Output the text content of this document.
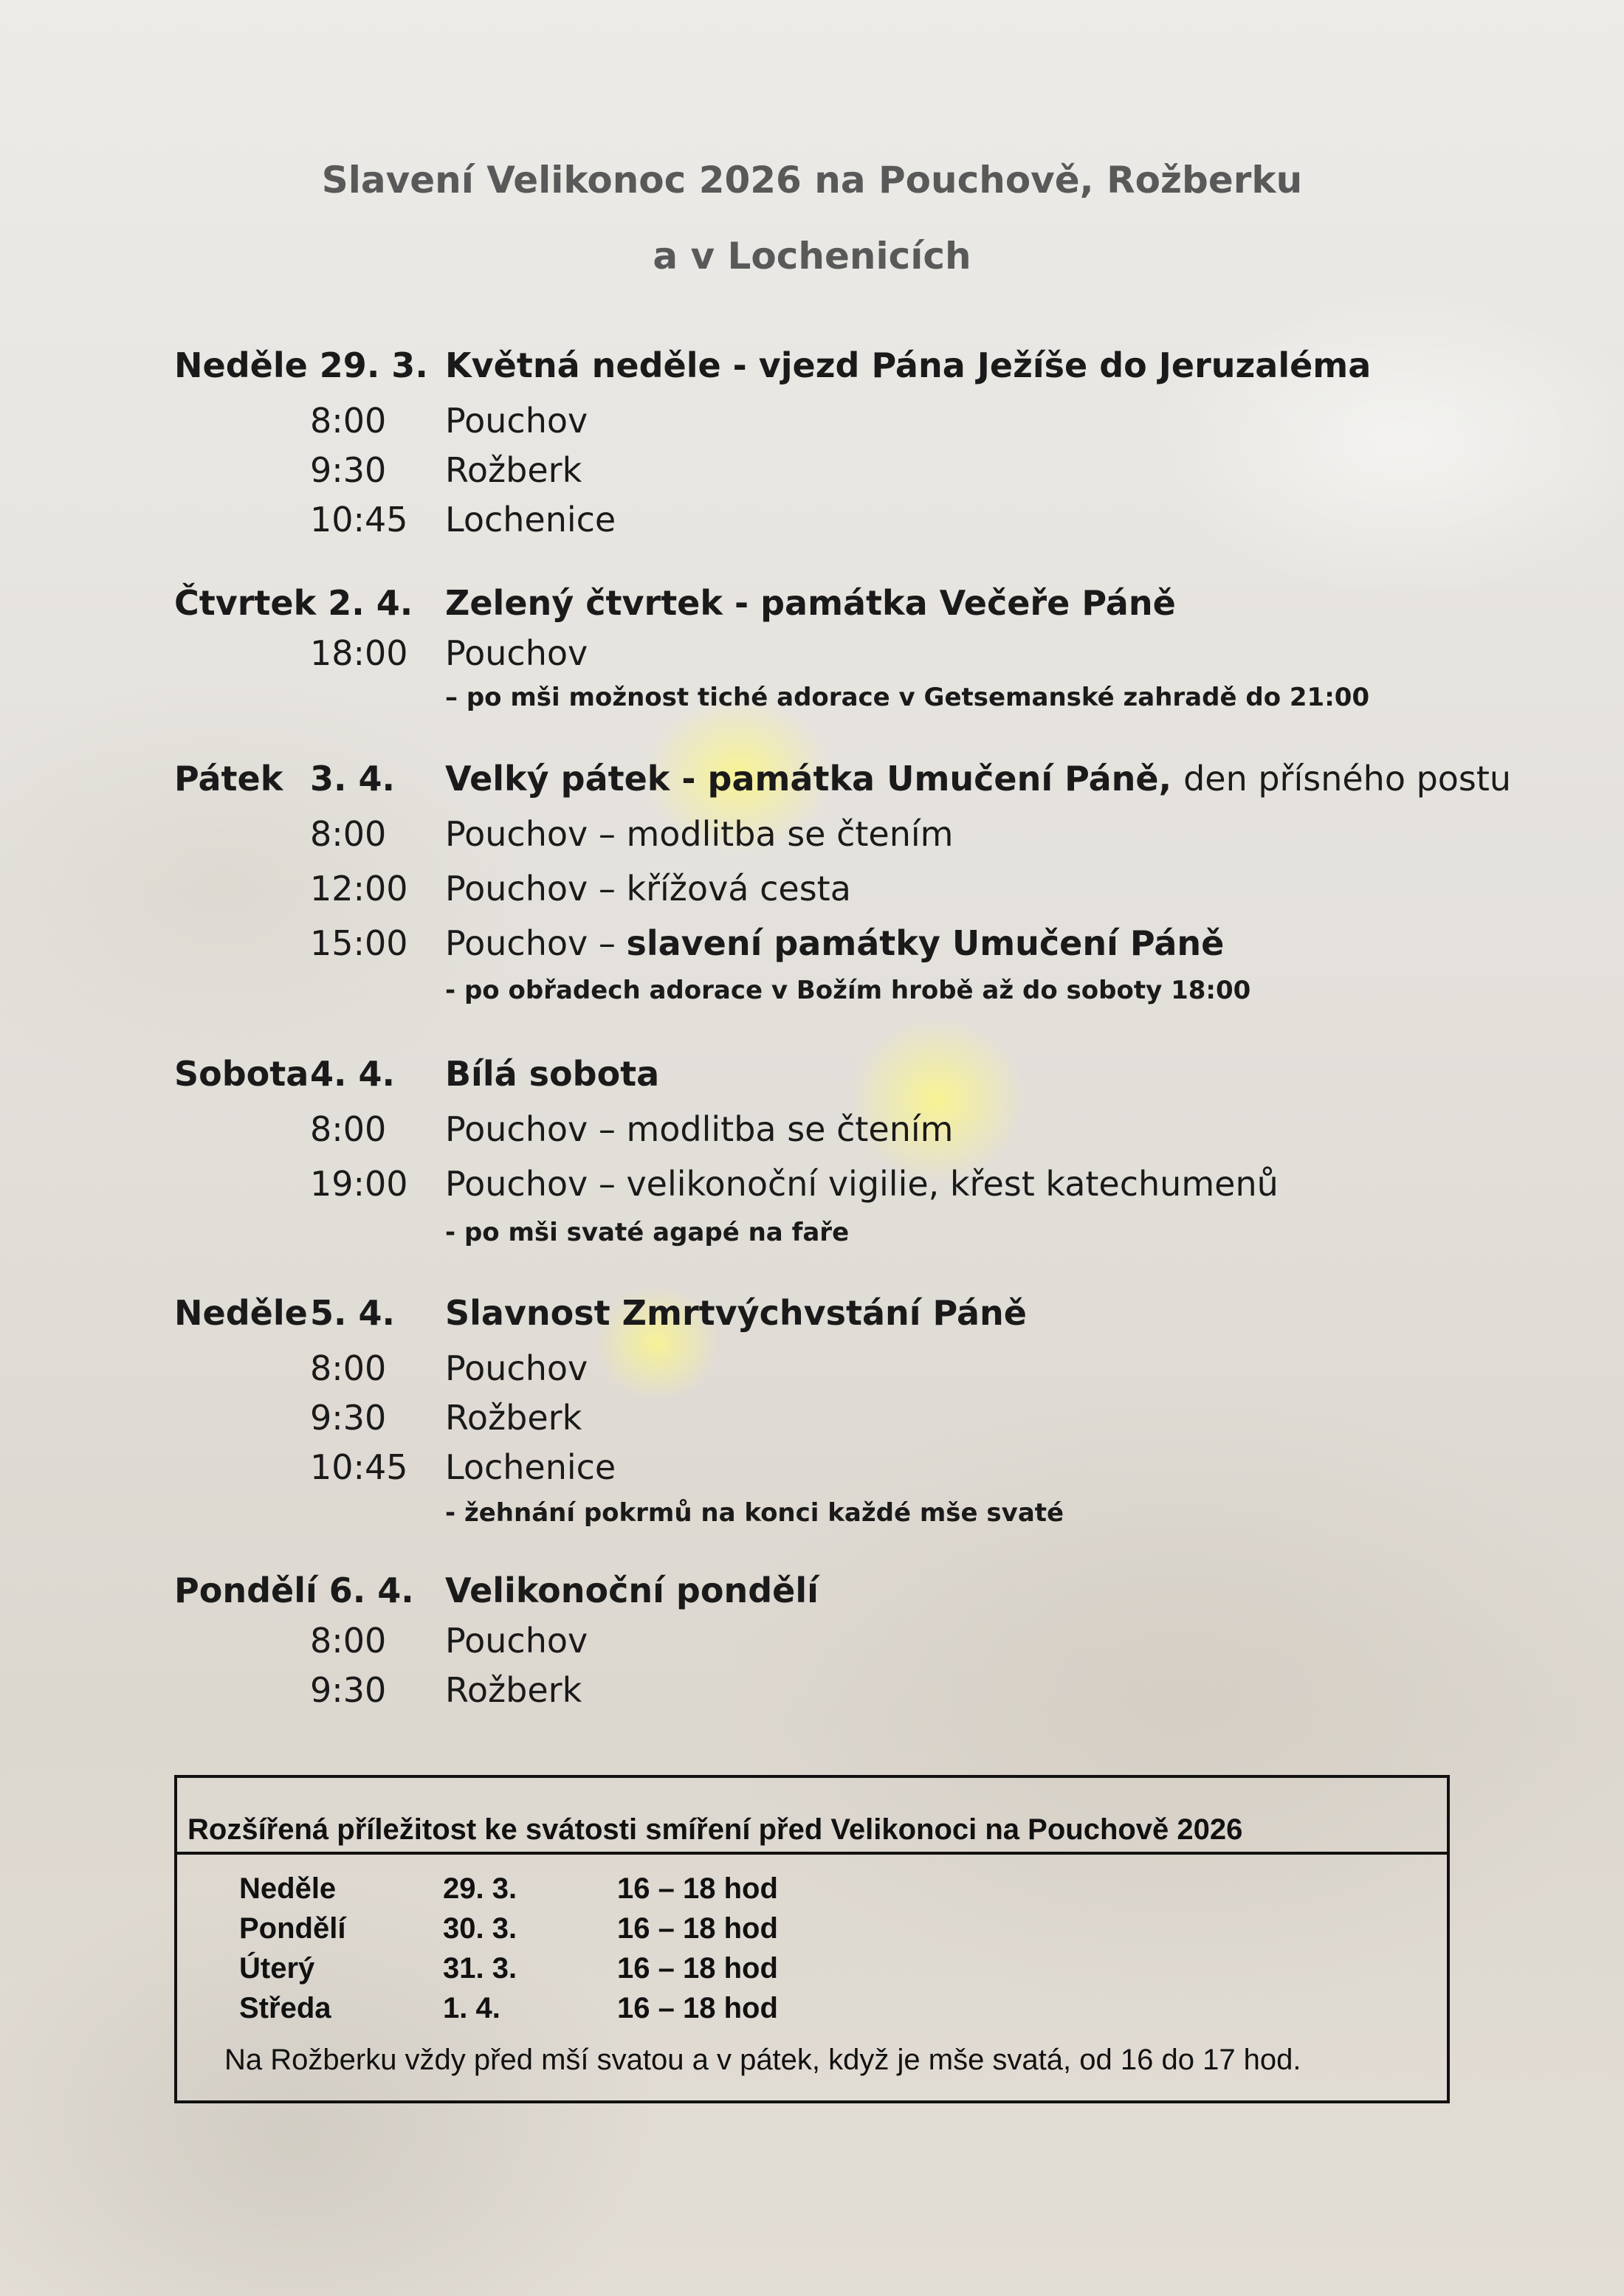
Slavení Velikonoc 2026 na Pouchově, Rožberku
a v Lochenicích
Neděle 29. 3. Květná neděle - vjezd Pána Ježíše do Jeruzaléma
8:00 Pouchov
9:30 Rožberk
10:45 Lochenice
Čtvrtek 2. 4. Zelený čtvrtek - památka Večeře Páně
18:00 Pouchov
– po mši možnost tiché adorace v Getsemanské zahradě do 21:00
Pátek 3. 4. Velký pátek - památka Umučení Páně, den přísného postu
8:00 Pouchov – modlitba se čtením
12:00 Pouchov – křížová cesta
15:00 Pouchov – slavení památky Umučení Páně
- po obřadech adorace v Božím hrobě až do soboty 18:00
Sobota 4. 4. Bílá sobota
8:00 Pouchov – modlitba se čtením
19:00 Pouchov – velikonoční vigilie, křest katechumenů
- po mši svaté agapé na faře
Neděle 5. 4. Slavnost Zmrtvýchvstání Páně
8:00 Pouchov
9:30 Rožberk
10:45 Lochenice
- žehnání pokrmů na konci každé mše svaté
Pondělí 6. 4. Velikonoční pondělí
8:00 Pouchov
9:30 Rožberk
Rozšířená příležitost ke svátosti smíření před Velikonoci na Pouchově 2026
Neděle	29. 3.	16 – 18 hod
Pondělí	30. 3.	16 – 18 hod
Úterý	31. 3.	16 – 18 hod
Středa	1. 4.	16 – 18 hod
Na Rožberku vždy před mší svatou a v pátek, když je mše svatá, od 16 do 17 hod.
